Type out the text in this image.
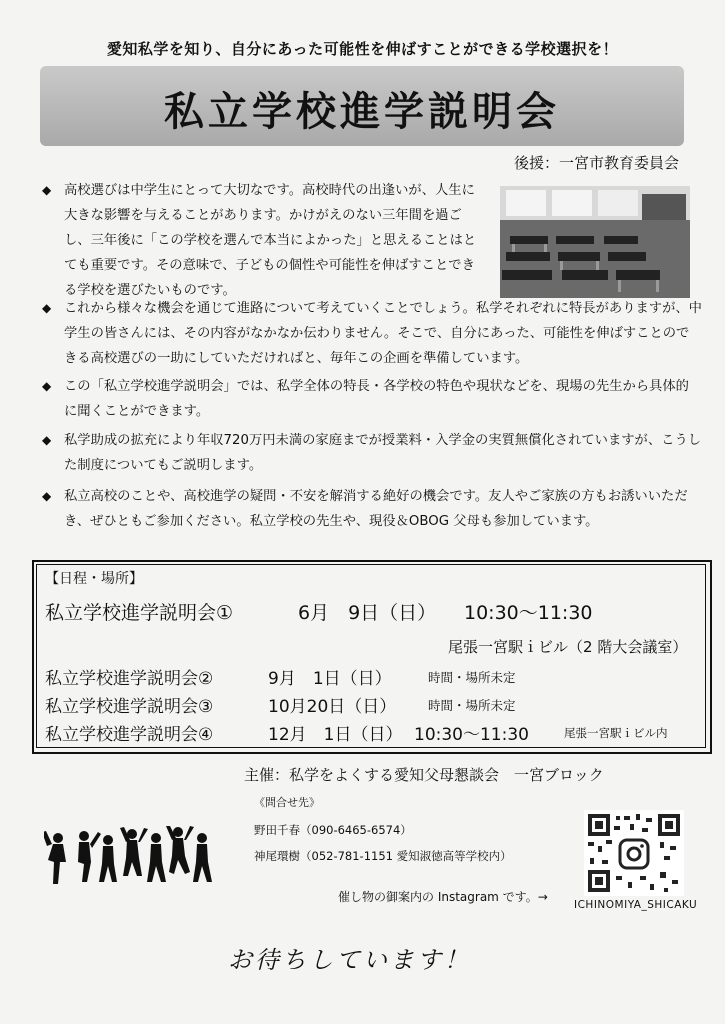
愛知私学を知り、自分にあった可能性を伸ばすことができる学校選択を！
私立学校進学説明会
後援：一宮市教育委員会
◆ 高校選びは中学生にとって大切なです。高校時代の出逢いが、人生に大きな影響を与えることがあります。かけがえのない三年間を過ごし、三年後に「この学校を選んで本当によかった」と思えることはとても重要です。その意味で、子どもの個性や可能性を伸ばすことできる学校を選びたいものです。
◆ これから様々な機会を通じて進路について考えていくことでしょう。私学それぞれに特長がありますが、中学生の皆さんには、その内容がなかなか伝わりません。そこで、自分にあった、可能性を伸ばすことのできる高校選びの一助にしていただければと、毎年この企画を準備しています。
◆ この「私立学校進学説明会」では、私学全体の特長・各学校の特色や現状などを、現場の先生から具体的に聞くことができます。
◆ 私学助成の拡充により年収720万円未満の家庭までが授業料・入学金の実質無償化されていますが、こうした制度についてもご説明します。
◆ 私立高校のことや、高校進学の疑問・不安を解消する絶好の機会です。友人やご家族の方もお誘いいただき、ぜひともご参加ください。私立学校の先生や、現役＆OBOG 父母も参加しています。
【日程・場所】
私立学校進学説明会①	6月　9日（日） 10:30～11:30
尾張一宮駅ｉビル（2 階大会議室）
私立学校進学説明会②	9月　1日（日）	時間・場所未定
私立学校進学説明会③	10月20日（日）	時間・場所未定
私立学校進学説明会④	12月　1日（日） 10:30～11:30	尾張一宮駅ｉビル内
主催：私学をよくする愛知父母懇談会　一宮ブロック
《問合せ先》
野田千春（090-6465-6574）
神尾環樹（052-781-1151 愛知淑徳高等学校内）
催し物の御案内の Instagram です。→
ICHINOMIYA_SHICAKU
お待ちしています！
